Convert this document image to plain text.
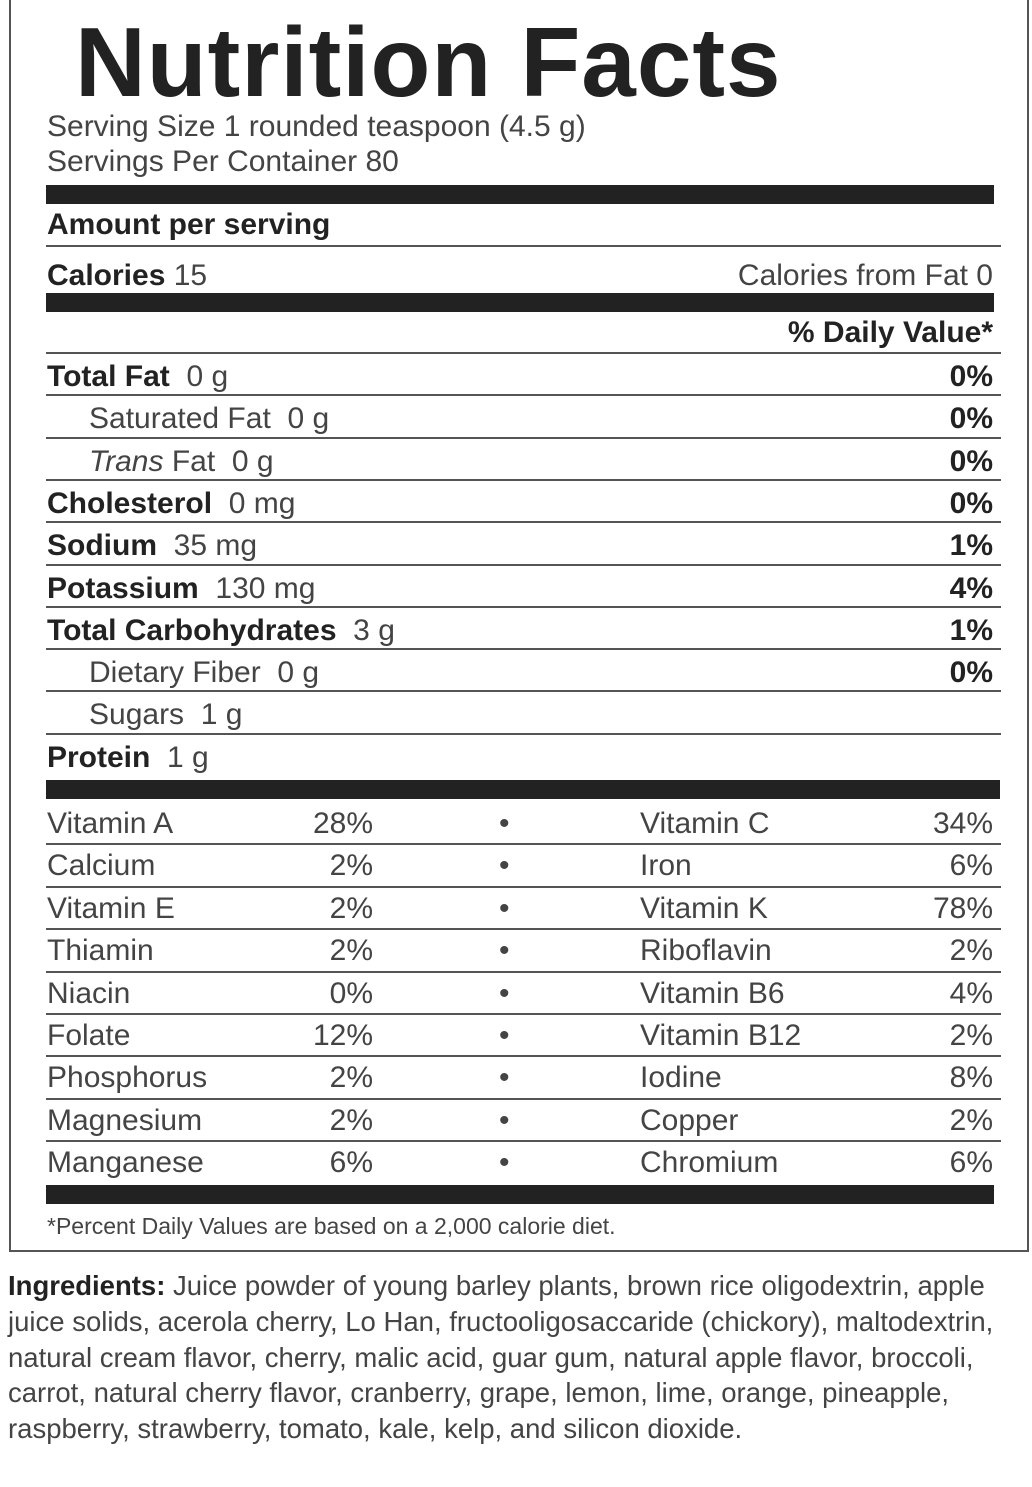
Nutrition Facts
Serving Size 1 rounded teaspoon (4.5 g)
Servings Per Container 80
Amount per serving
Calories 15	Calories from Fat 0
% Daily Value*
Total Fat 0 g	0%
Saturated Fat 0 g	0%
Trans Fat 0 g	0%
Cholesterol 0 mg	0%
Sodium 35 mg	1%
Potassium 130 mg	4%
Total Carbohydrates 3 g	1%
Dietary Fiber 0 g	0%
Sugars 1 g
Protein 1 g
Vitamin A	28%	•	Vitamin C	34%
Calcium	2%	•	Iron	6%
Vitamin E	2%	•	Vitamin K	78%
Thiamin	2%	•	Riboflavin	2%
Niacin	0%	•	Vitamin B6	4%
Folate	12%	•	Vitamin B12	2%
Phosphorus	2%	•	Iodine	8%
Magnesium	2%	•	Copper	2%
Manganese	6%	•	Chromium	6%
*Percent Daily Values are based on a 2,000 calorie diet.
Ingredients: Juice powder of young barley plants, brown rice oligodextrin, apple juice solids, acerola cherry, Lo Han, fructooligosaccaride (chickory), maltodextrin, natural cream flavor, cherry, malic acid, guar gum, natural apple flavor, broccoli, carrot, natural cherry flavor, cranberry, grape, lemon, lime, orange, pineapple, raspberry, strawberry, tomato, kale, kelp, and silicon dioxide.
